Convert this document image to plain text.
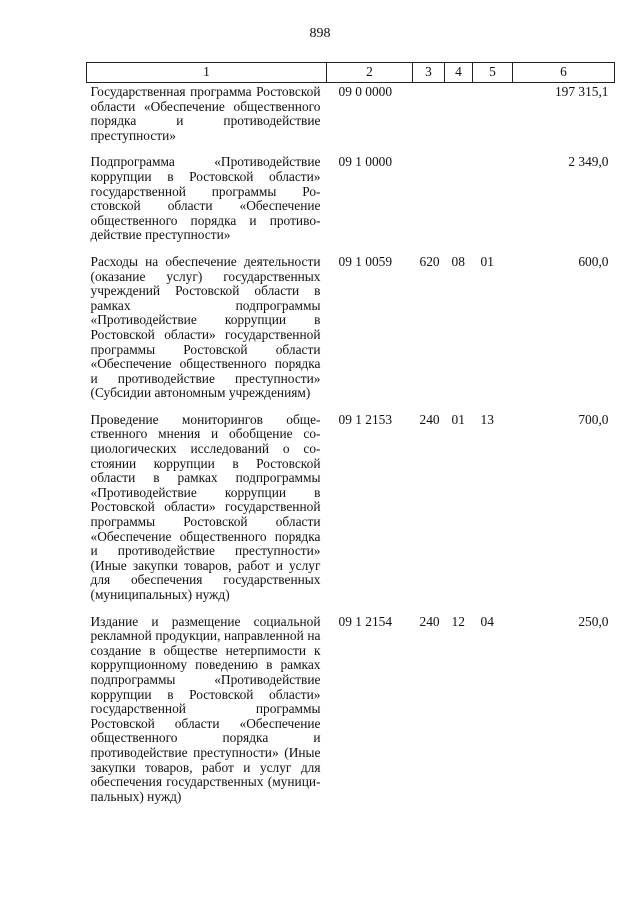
898
1	2	3	4	5	6
Государственная программа Ростовской области «Обеспечение общественного порядка и противодействие преступности»	09 0 0000				197 315,1

Подпрограмма «Противодействие коррупции в Ростовской области» государственной программы Ростовской области «Обеспечение общественного порядка и противодействие преступности»	09 1 0000				2 349,0

Расходы на обеспечение деятельности (оказание услуг) государственных учреждений Ростовской области в рамках подпрограммы «Противодействие коррупции в Ростовской области» государственной программы Ростовской области «Обеспечение общественного порядка и противодействие преступности» (Субсидии автономным учреждениям)	09 1 0059	620	08	01	600,0

Проведение мониторингов общественного мнения и обобщение социологических исследований о состоянии коррупции в Ростовской области в рамках подпрограммы «Противодействие коррупции в Ростовской области» государственной программы Ростовской области «Обеспечение общественного порядка и противодействие преступности» (Иные закупки товаров, работ и услуг для обеспечения государственных (муниципальных) нужд)	09 1 2153	240	01	13	700,0

Издание и размещение социальной рекламной продукции, направленной на создание в обществе нетерпимости к коррупционному поведению в рамках подпрограммы «Противодействие коррупции в Ростовской области» государственной программы Ростовской области «Обеспечение общественного порядка и противодействие преступности» (Иные закупки товаров, работ и услуг для обеспечения государственных (муниципальных) нужд)	09 1 2154	240	12	04	250,0
